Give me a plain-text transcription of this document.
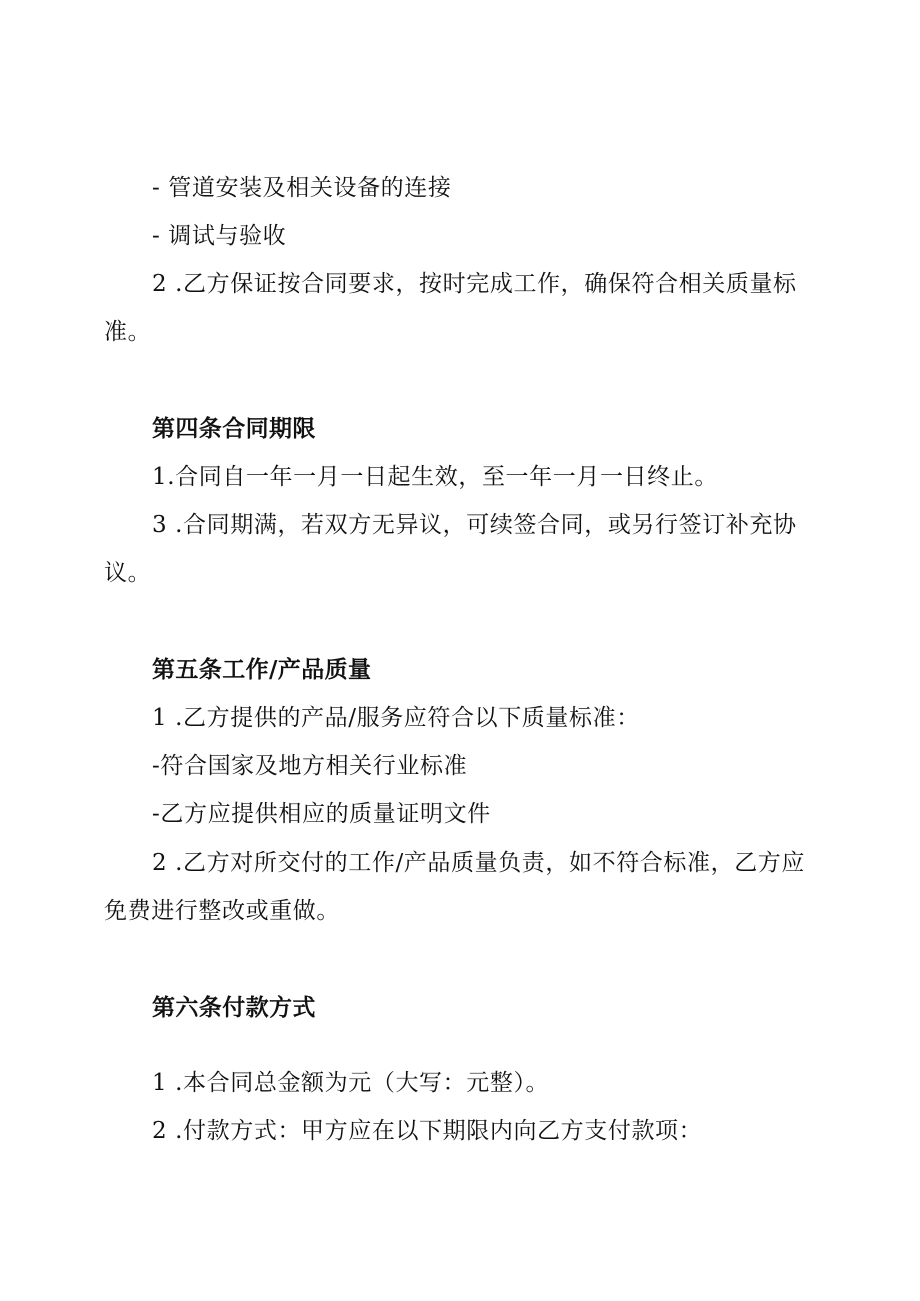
- 管道安装及相关设备的连接
- 调试与验收
2 .乙方保证按合同要求，按时完成工作，确保符合相关质量标
准。
第四条合同期限
1.合同自一年一月一日起生效，至一年一月一日终止。
3 .合同期满，若双方无异议，可续签合同，或另行签订补充协
议。
第五条工作/产品质量
1 .乙方提供的产品/服务应符合以下质量标准：
-符合国家及地方相关行业标准
-乙方应提供相应的质量证明文件
2 .乙方对所交付的工作/产品质量负责，如不符合标准，乙方应
免费进行整改或重做。
第六条付款方式
1 .本合同总金额为元（大写：元整）。
2 .付款方式：甲方应在以下期限内向乙方支付款项：
